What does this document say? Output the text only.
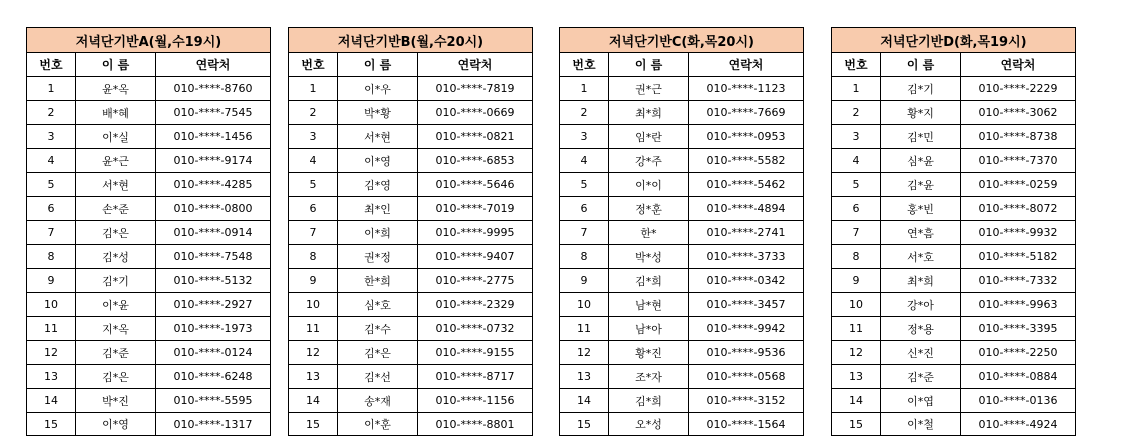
저녁단기반A(월,수19시)		
번호	이 름	연락처
1	윤*옥	010-****-8760
2	배*혜	010-****-7545
3	이*실	010-****-1456
4	윤*근	010-****-9174
5	서*현	010-****-4285
6	손*준	010-****-0800
7	김*은	010-****-0914
8	김*성	010-****-7548
9	김*기	010-****-5132
10	이*윤	010-****-2927
11	지*옥	010-****-1973
12	김*준	010-****-0124
13	김*은	010-****-6248
14	박*진	010-****-5595
15	이*영	010-****-1317
저녁단기반B(월,수20시)		
번호	이 름	연락처
1	이*우	010-****-7819
2	박*황	010-****-0669
3	서*현	010-****-0821
4	이*영	010-****-6853
5	김*영	010-****-5646
6	최*인	010-****-7019
7	이*희	010-****-9995
8	권*정	010-****-9407
9	한*희	010-****-2775
10	심*호	010-****-2329
11	김*수	010-****-0732
12	김*은	010-****-9155
13	김*선	010-****-8717
14	송*재	010-****-1156
15	이*훈	010-****-8801
저녁단기반C(화,목20시)		
번호	이 름	연락처
1	권*근	010-****-1123
2	최*희	010-****-7669
3	임*란	010-****-0953
4	강*주	010-****-5582
5	이*이	010-****-5462
6	정*훈	010-****-4894
7	한*	010-****-2741
8	박*성	010-****-3733
9	김*희	010-****-0342
10	남*현	010-****-3457
11	남*아	010-****-9942
12	황*진	010-****-9536
13	조*자	010-****-0568
14	김*희	010-****-3152
15	오*성	010-****-1564
저녁단기반D(화,목19시)		
번호	이 름	연락처
1	김*기	010-****-2229
2	황*지	010-****-3062
3	김*민	010-****-8738
4	심*윤	010-****-7370
5	김*윤	010-****-0259
6	홍*빈	010-****-8072
7	연*흠	010-****-9932
8	서*호	010-****-5182
9	최*희	010-****-7332
10	강*아	010-****-9963
11	정*용	010-****-3395
12	신*진	010-****-2250
13	김*준	010-****-0884
14	이*엽	010-****-0136
15	이*철	010-****-4924
